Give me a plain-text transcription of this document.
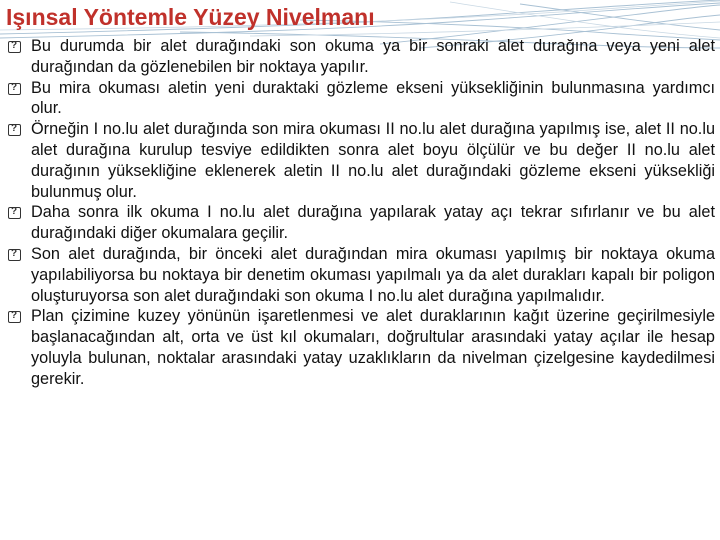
Işınsal Yöntemle Yüzey Nivelmanı
?
Bu durumda bir alet durağındaki son okuma ya bir sonraki alet durağına veya yeni alet durağından da gözlenebilen bir noktaya yapılır.
?
Bu mira okuması aletin yeni duraktaki gözleme ekseni yüksekliğinin bulunmasına yardımcı olur.
?
Örneğin I no.lu alet durağında son mira okuması II no.lu alet durağına yapılmış ise, alet II no.lu alet durağına kurulup tesviye edildikten sonra alet boyu ölçülür ve bu değer II no.lu alet durağının yüksekliğine eklenerek aletin II no.lu alet durağındaki gözleme ekseni yüksekliği bulunmuş olur.
?
Daha sonra ilk okuma I no.lu alet durağına yapılarak yatay açı tekrar sıfırlanır ve bu alet durağındaki diğer okumalara geçilir.
?
Son alet durağında, bir önceki alet durağından mira okuması yapılmış bir noktaya okuma yapılabiliyorsa bu noktaya bir denetim okuması yapılmalı ya da alet durakları kapalı bir poligon oluşturuyorsa son alet durağındaki son okuma I no.lu alet durağına yapılmalıdır.
?
Plan çizimine kuzey yönünün işaretlenmesi ve alet duraklarının kağıt üzerine geçirilmesiyle başlanacağından alt, orta ve üst kıl okumaları, doğrultular arasındaki yatay açılar ile hesap yoluyla bulunan, noktalar arasındaki yatay uzaklıkların da nivelman çizelgesine kaydedilmesi gerekir.
